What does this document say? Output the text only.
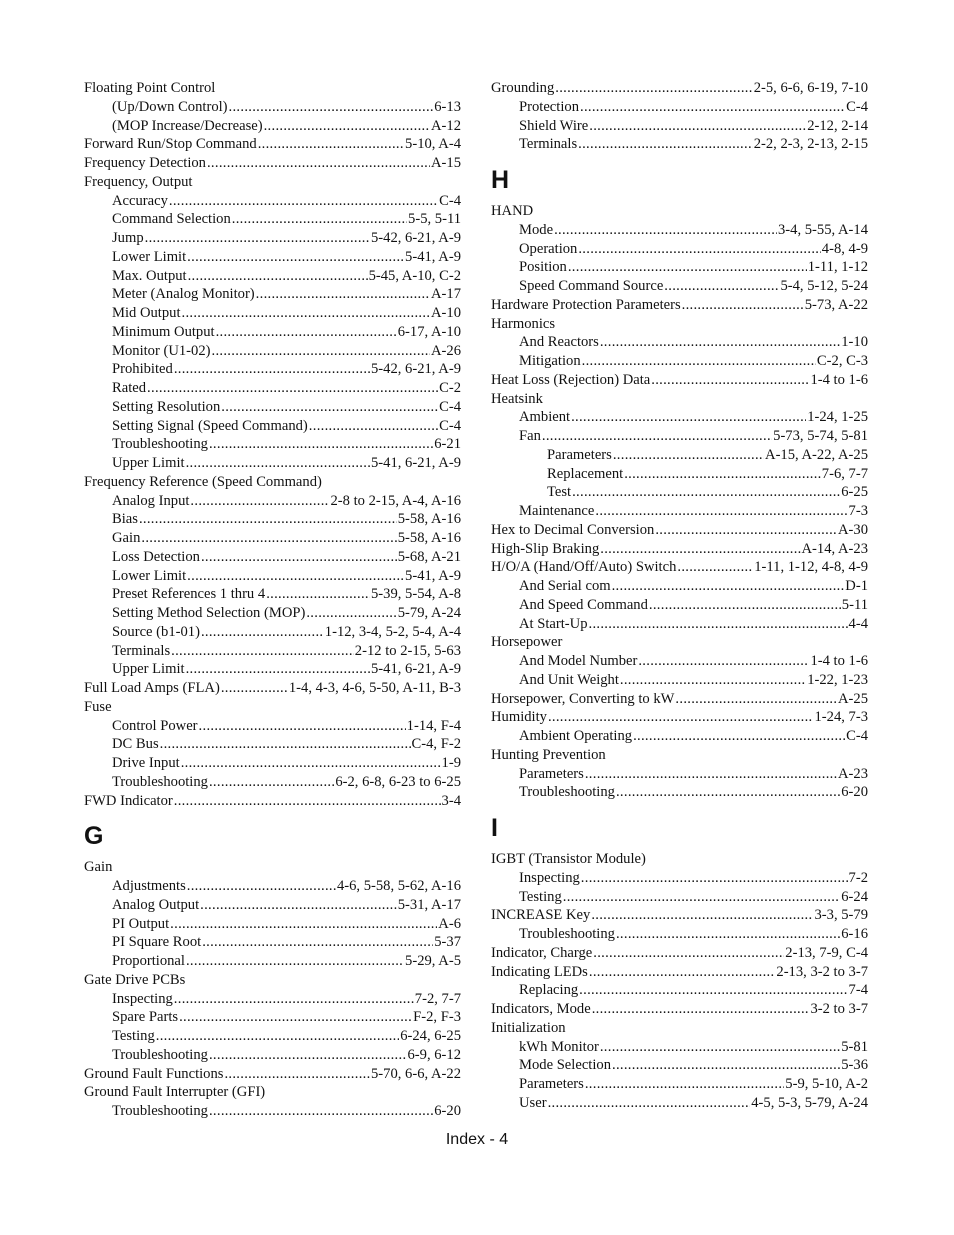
Floating Point Control
(Up/Down Control) .....	6-13
(MOP Increase/Decrease) .....	A-12
Forward Run/Stop Command .....	5-10, A-4
Frequency Detection .....	A-15
Frequency, Output
Accuracy .....	C-4
Command Selection .....	5-5, 5-11
Jump .....	5-42, 6-21, A-9
Lower Limit .....	5-41, A-9
Max. Output .....	5-45, A-10, C-2
Meter (Analog Monitor) .....	A-17
Mid Output .....	A-10
Minimum Output .....	6-17, A-10
Monitor (U1-02) .....	A-26
Prohibited .....	5-42, 6-21, A-9
Rated .....	C-2
Setting Resolution .....	C-4
Setting Signal (Speed Command) .....	C-4
Troubleshooting .....	6-21
Upper Limit .....	5-41, 6-21, A-9
Frequency Reference (Speed Command)
Analog Input .....	2-8 to 2-15, A-4, A-16
Bias .....	5-58, A-16
Gain .....	5-58, A-16
Loss Detection .....	5-68, A-21
Lower Limit .....	5-41, A-9
Preset References 1 thru 4 .....	5-39, 5-54, A-8
Setting Method Selection (MOP) .....	5-79, A-24
Source (b1-01) .....	1-12, 3-4, 5-2, 5-4, A-4
Terminals .....	2-12 to 2-15, 5-63
Upper Limit .....	5-41, 6-21, A-9
Full Load Amps (FLA) .....	1-4, 4-3, 4-6, 5-50, A-11, B-3
Fuse
Control Power .....	1-14, F-4
DC Bus .....	C-4, F-2
Drive Input .....	1-9
Troubleshooting .....	6-2, 6-8, 6-23 to 6-25
FWD Indicator .....	3-4
G
Gain
Adjustments .....	4-6, 5-58, 5-62, A-16
Analog Output .....	5-31, A-17
PI Output .....	A-6
PI Square Root .....	5-37
Proportional .....	5-29, A-5
Gate Drive PCBs
Inspecting .....	7-2, 7-7
Spare Parts .....	F-2, F-3
Testing .....	6-24, 6-25
Troubleshooting .....	6-9, 6-12
Ground Fault Functions .....	5-70, 6-6, A-22
Ground Fault Interrupter (GFI)
Troubleshooting .....	6-20
Grounding .....	2-5, 6-6, 6-19, 7-10
Protection .....	C-4
Shield Wire .....	2-12, 2-14
Terminals .....	2-2, 2-3, 2-13, 2-15
H
HAND
Mode .....	3-4, 5-55, A-14
Operation .....	4-8, 4-9
Position .....	1-11, 1-12
Speed Command Source .....	5-4, 5-12, 5-24
Hardware Protection Parameters .....	5-73, A-22
Harmonics
And Reactors .....	1-10
Mitigation .....	C-2, C-3
Heat Loss (Rejection) Data .....	1-4 to 1-6
Heatsink
Ambient .....	1-24, 1-25
Fan .....	5-73, 5-74, 5-81
Parameters .....	A-15, A-22, A-25
Replacement .....	7-6, 7-7
Test .....	6-25
Maintenance .....	7-3
Hex to Decimal Conversion .....	A-30
High-Slip Braking .....	A-14, A-23
H/O/A (Hand/Off/Auto) Switch .....	1-11, 1-12, 4-8, 4-9
And Serial com .....	D-1
And Speed Command .....	5-11
At Start-Up .....	4-4
Horsepower
And Model Number .....	1-4 to 1-6
And Unit Weight .....	1-22, 1-23
Horsepower, Converting to kW .....	A-25
Humidity .....	1-24, 7-3
Ambient Operating .....	C-4
Hunting Prevention
Parameters .....	A-23
Troubleshooting .....	6-20
I
IGBT (Transistor Module)
Inspecting .....	7-2
Testing .....	6-24
INCREASE Key .....	3-3, 5-79
Troubleshooting .....	6-16
Indicator, Charge .....	2-13, 7-9, C-4
Indicating LEDs .....	2-13, 3-2 to 3-7
Replacing .....	7-4
Indicators, Mode .....	3-2 to 3-7
Initialization
kWh Monitor .....	5-81
Mode Selection .....	5-36
Parameters .....	5-9, 5-10, A-2
User .....	4-5, 5-3, 5-79, A-24
Index - 4
